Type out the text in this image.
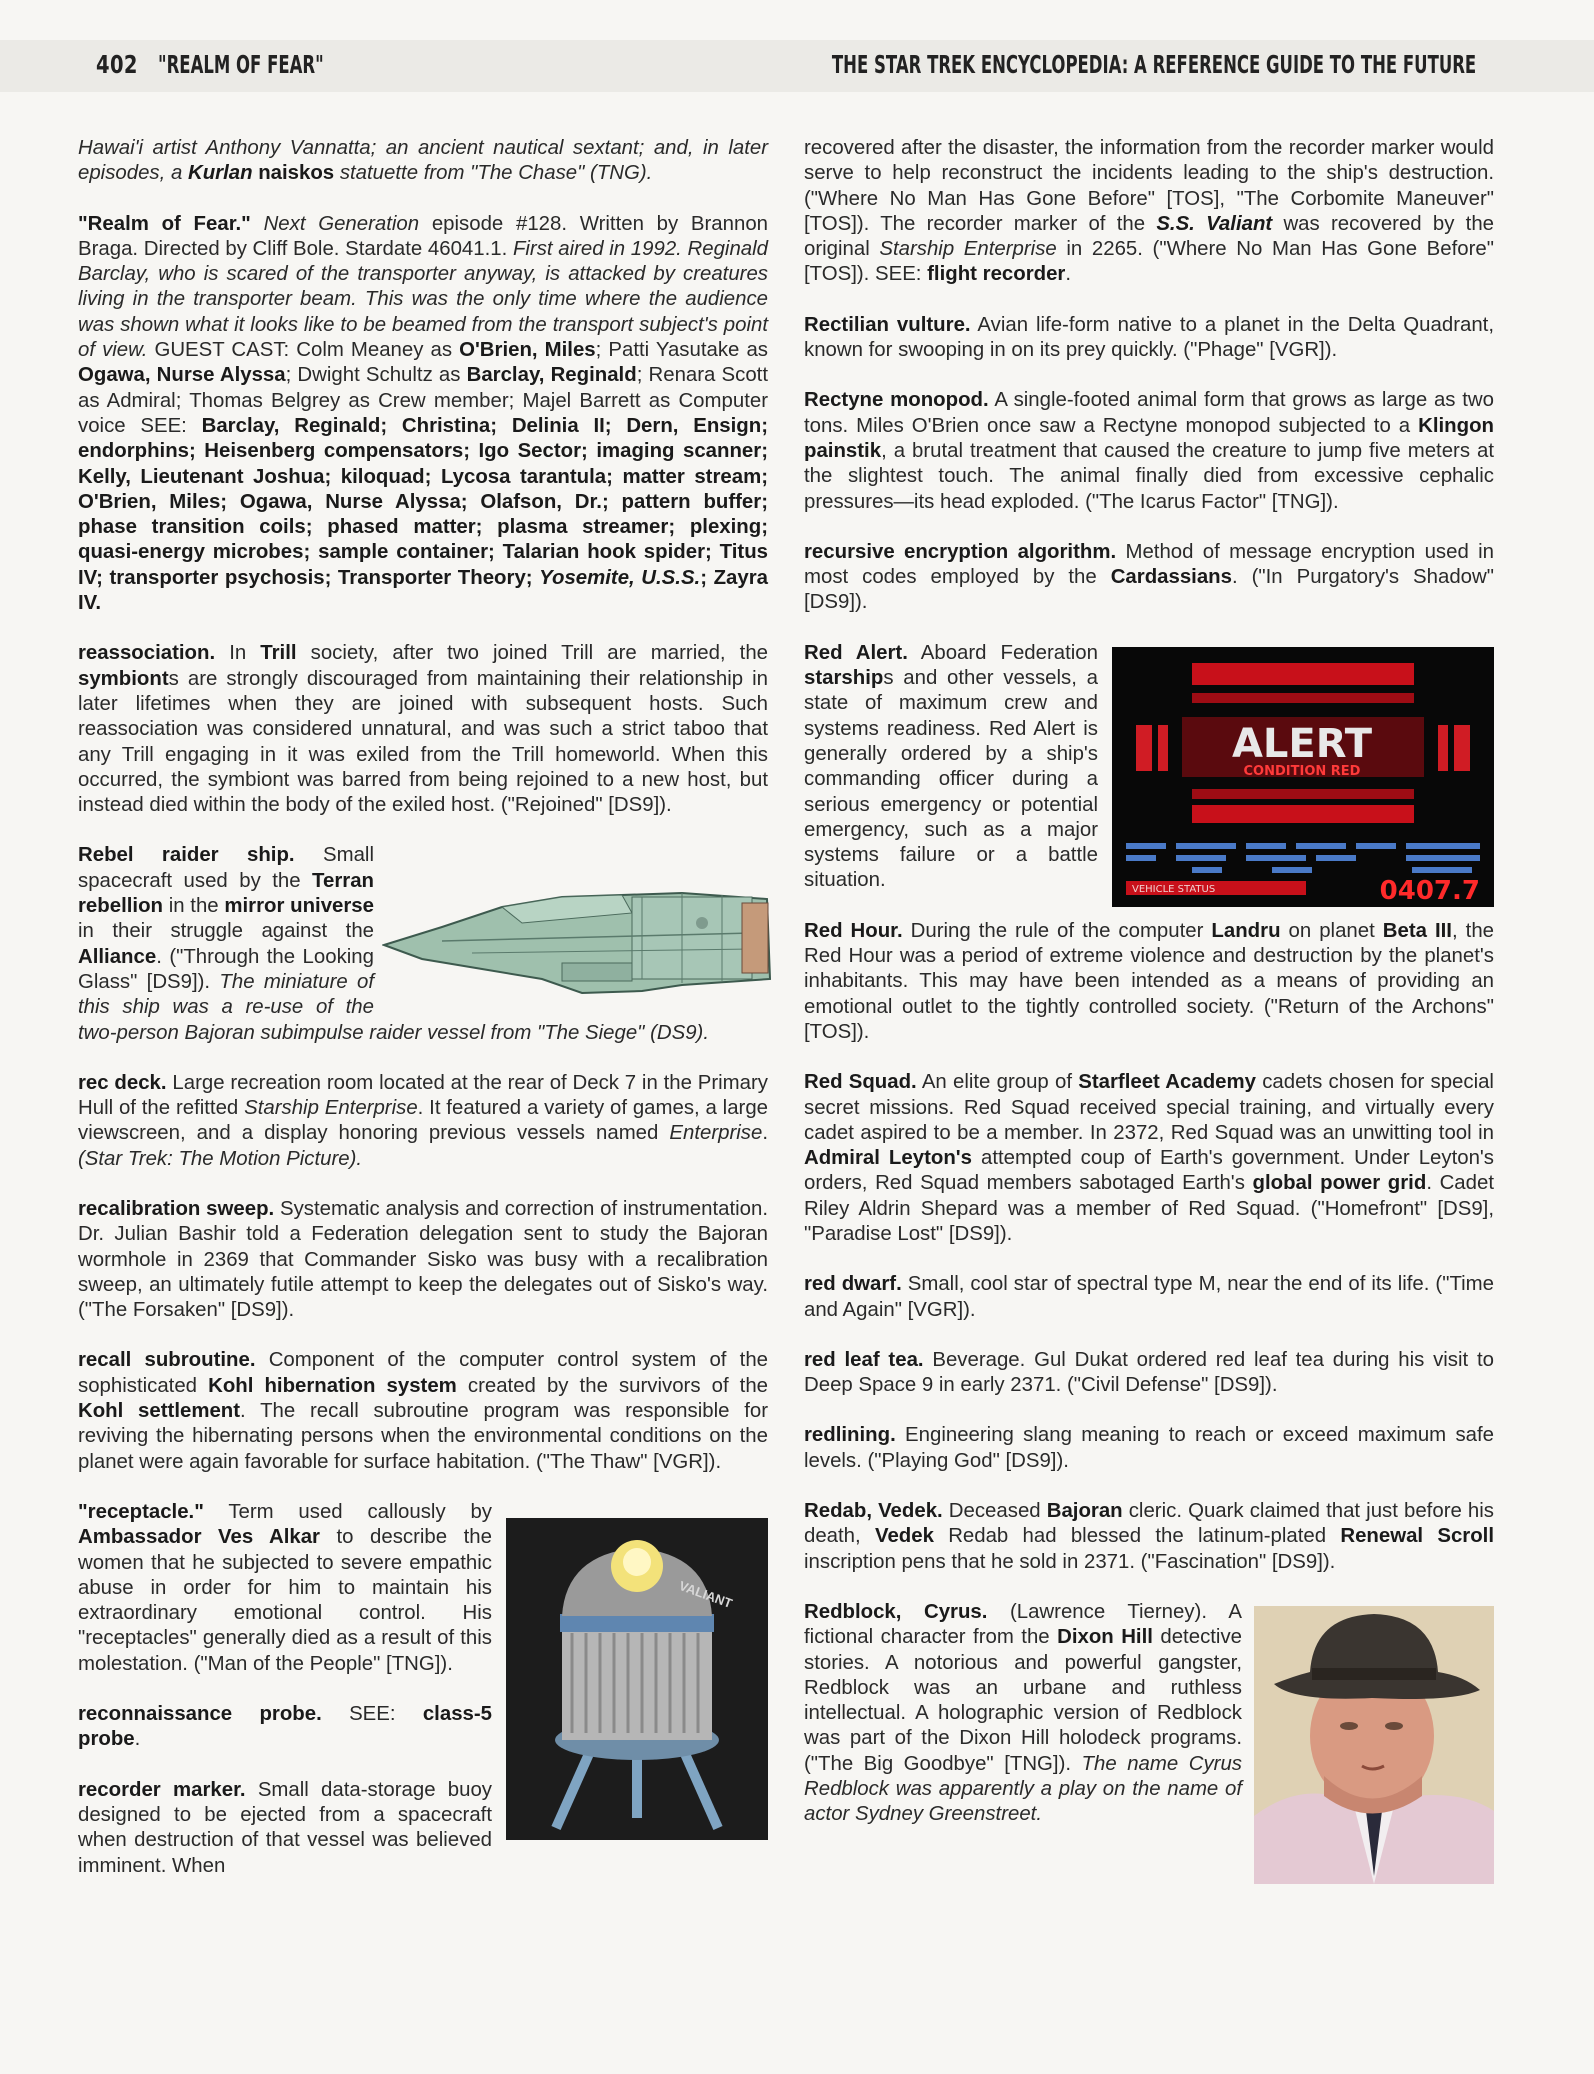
402 "REALM OF FEAR"	THE STAR TREK ENCYCLOPEDIA: A REFERENCE GUIDE TO THE FUTURE

Hawai'i artist Anthony Vannatta; an ancient nautical sextant; and, in later episodes, a Kurlan naiskos statuette from "The Chase" (TNG).

"Realm of Fear." Next Generation episode #128. Written by Brannon Braga. Directed by Cliff Bole. Stardate 46041.1. First aired in 1992. Reginald Barclay, who is scared of the transporter anyway, is attacked by creatures living in the transporter beam. This was the only time where the audience was shown what it looks like to be beamed from the transport subject's point of view. GUEST CAST: Colm Meaney as O'Brien, Miles; Patti Yasutake as Ogawa, Nurse Alyssa; Dwight Schultz as Barclay, Reginald; Renara Scott as Admiral; Thomas Belgrey as Crew member; Majel Barrett as Computer voice SEE: Barclay, Reginald; Christina; Delinia II; Dern, Ensign; endorphins; Heisenberg compensators; Igo Sector; imaging scanner; Kelly, Lieutenant Joshua; kiloquad; Lycosa tarantula; matter stream; O'Brien, Miles; Ogawa, Nurse Alyssa; Olafson, Dr.; pattern buffer; phase transition coils; phased matter; plasma streamer; plexing; quasi-energy microbes; sample container; Talarian hook spider; Titus IV; transporter psychosis; Transporter Theory; Yosemite, U.S.S.; Zayra IV.

reassociation. In Trill society, after two joined Trill are married, the symbionts are strongly discouraged from maintaining their relationship in later lifetimes when they are joined with subsequent hosts. Such reassociation was considered unnatural, and was such a strict taboo that any Trill engaging in it was exiled from the Trill homeworld. When this occurred, the symbiont was barred from being rejoined to a new host, but instead died within the body of the exiled host. ("Rejoined" [DS9]).

Rebel raider ship. Small spacecraft used by the Terran rebellion in the mirror universe in their struggle against the Alliance. ("Through the Looking Glass" [DS9]). The miniature of this ship was a re-use of the two-person Bajoran subimpulse raider vessel from "The Siege" (DS9).

rec deck. Large recreation room located at the rear of Deck 7 in the Primary Hull of the refitted Starship Enterprise. It featured a variety of games, a large viewscreen, and a display honoring previous vessels named Enterprise. (Star Trek: The Motion Picture).

recalibration sweep. Systematic analysis and correction of instrumentation. Dr. Julian Bashir told a Federation delegation sent to study the Bajoran wormhole in 2369 that Commander Sisko was busy with a recalibration sweep, an ultimately futile attempt to keep the delegates out of Sisko's way. ("The Forsaken" [DS9]).

recall subroutine. Component of the computer control system of the sophisticated Kohl hibernation system created by the survivors of the Kohl settlement. The recall subroutine program was responsible for reviving the hibernating persons when the environmental conditions on the planet were again favorable for surface habitation. ("The Thaw" [VGR]).

VALIANT
"receptacle." Term used callously by Ambassador Ves Alkar to describe the women that he subjected to severe empathic abuse in order for him to maintain his extraordinary emotional control. His "receptacles" generally died as a result of this molestation. ("Man of the People" [TNG]).

reconnaissance probe. SEE: class-5 probe.

recorder marker. Small data-storage buoy designed to be ejected from a spacecraft when destruction of that vessel was believed imminent. When

recovered after the disaster, the information from the recorder marker would serve to help reconstruct the incidents leading to the ship's destruction. ("Where No Man Has Gone Before" [TOS], "The Corbomite Maneuver" [TOS]). The recorder marker of the S.S. Valiant was recovered by the original Starship Enterprise in 2265. ("Where No Man Has Gone Before" [TOS]). SEE: flight recorder.

Rectilian vulture. Avian life-form native to a planet in the Delta Quadrant, known for swooping in on its prey quickly. ("Phage" [VGR]).

Rectyne monopod. A single-footed animal form that grows as large as two tons. Miles O'Brien once saw a Rectyne monopod subjected to a Klingon painstik, a brutal treatment that caused the creature to jump five meters at the slightest touch. The animal finally died from excessive cephalic pressures—its head exploded. ("The Icarus Factor" [TNG]).

recursive encryption algorithm. Method of message encryption used in most codes employed by the Cardassians. ("In Purgatory's Shadow" [DS9]).

ALERT
CONDITION RED
VEHICLE STATUS	0407.7
Red Alert. Aboard Federation starships and other vessels, a state of maximum crew and systems readiness. Red Alert is generally ordered by a ship's commanding officer during a serious emergency or potential emergency, such as a major systems failure or a battle situation.

Red Hour. During the rule of the computer Landru on planet Beta III, the Red Hour was a period of extreme violence and destruction by the planet's inhabitants. This may have been intended as a means of providing an emotional outlet to the tightly controlled society. ("Return of the Archons" [TOS]).

Red Squad. An elite group of Starfleet Academy cadets chosen for special secret missions. Red Squad received special training, and virtually every cadet aspired to be a member. In 2372, Red Squad was an unwitting tool in Admiral Leyton's attempted coup of Earth's government. Under Leyton's orders, Red Squad members sabotaged Earth's global power grid. Cadet Riley Aldrin Shepard was a member of Red Squad. ("Homefront" [DS9], "Paradise Lost" [DS9]).

red dwarf. Small, cool star of spectral type M, near the end of its life. ("Time and Again" [VGR]).

red leaf tea. Beverage. Gul Dukat ordered red leaf tea during his visit to Deep Space 9 in early 2371. ("Civil Defense" [DS9]).

redlining. Engineering slang meaning to reach or exceed maximum safe levels. ("Playing God" [DS9]).

Redab, Vedek. Deceased Bajoran cleric. Quark claimed that just before his death, Vedek Redab had blessed the latinum-plated Renewal Scroll inscription pens that he sold in 2371. ("Fascination" [DS9]).

Redblock, Cyrus. (Lawrence Tierney). A fictional character from the Dixon Hill detective stories. A notorious and powerful gangster, Redblock was an urbane and ruthless intellectual. A holographic version of Redblock was part of the Dixon Hill holodeck programs. ("The Big Goodbye" [TNG]). The name Cyrus Redblock was apparently a play on the name of actor Sydney Greenstreet.
